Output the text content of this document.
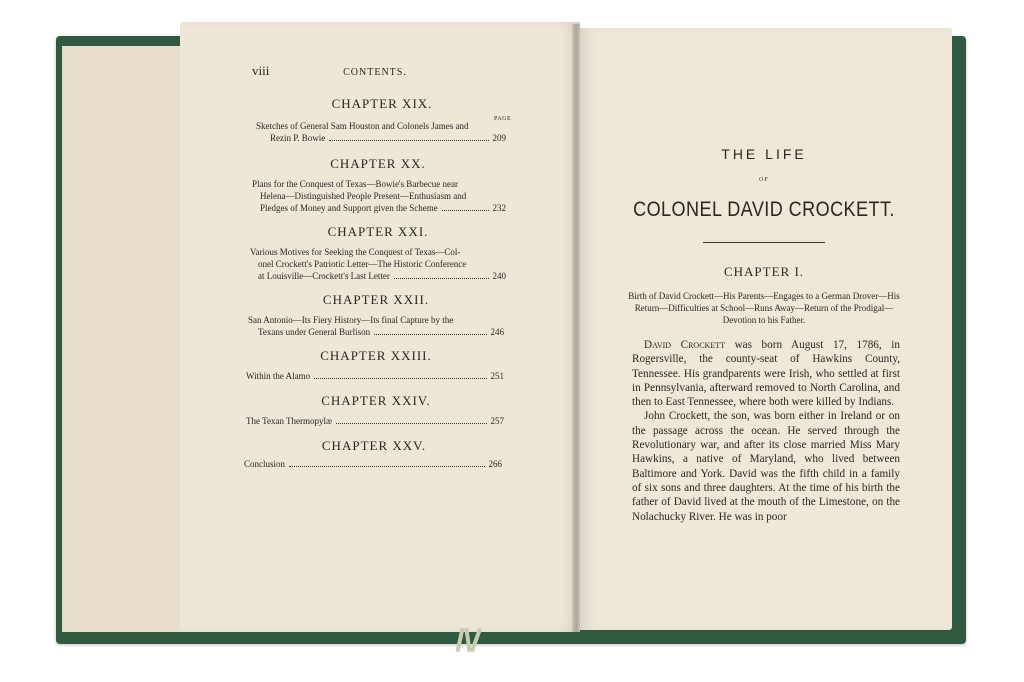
viii	CONTENTS.
PAGE
CHAPTER XIX.
Sketches of General Sam Houston and Colonels James and
Rezin P. Bowie	209
CHAPTER XX.
Plans for the Conquest of Texas—Bowie's Barbecue near
Helena—Distinguished People Present—Enthusiasm and
Pledges of Money and Support given the Scheme	232
CHAPTER XXI.
Various Motives for Seeking the Conquest of Texas—Col-
onel Crockett's Patriotic Letter—The Historic Conference
at Louisville—Crockett's Last Letter	240
CHAPTER XXII.
San Antonio—Its Fiery History—Its final Capture by the
Texans under General Burlison	246
CHAPTER XXIII.
Within the Alamo	251
CHAPTER XXIV.
The Texan Thermopylæ	257
CHAPTER XXV.
Conclusion	266
THE LIFE
OF
COLONEL DAVID CROCKETT.
CHAPTER I.
Birth of David Crockett—His Parents—Engages to a German Drover—His Return—Difficulties at School—Runs Away—Return of the Prodigal—Devotion to his Father.

David Crockett was born August 17, 1786, in Rogersville, the county-seat of Hawkins County, Tennessee. His grandparents were Irish, who settled at first in Pennsylvania, afterward removed to North Carolina, and then to East Tennessee, where both were killed by Indians.

John Crockett, the son, was born either in Ireland or on the passage across the ocean. He served through the Revolutionary war, and after its close married Miss Mary Hawkins, a native of Maryland, who lived between Baltimore and York. David was the fifth child in a family of six sons and three daughters. At the time of his birth the father of David lived at the mouth of the Limestone, on the Nolachucky River. He was in poor
